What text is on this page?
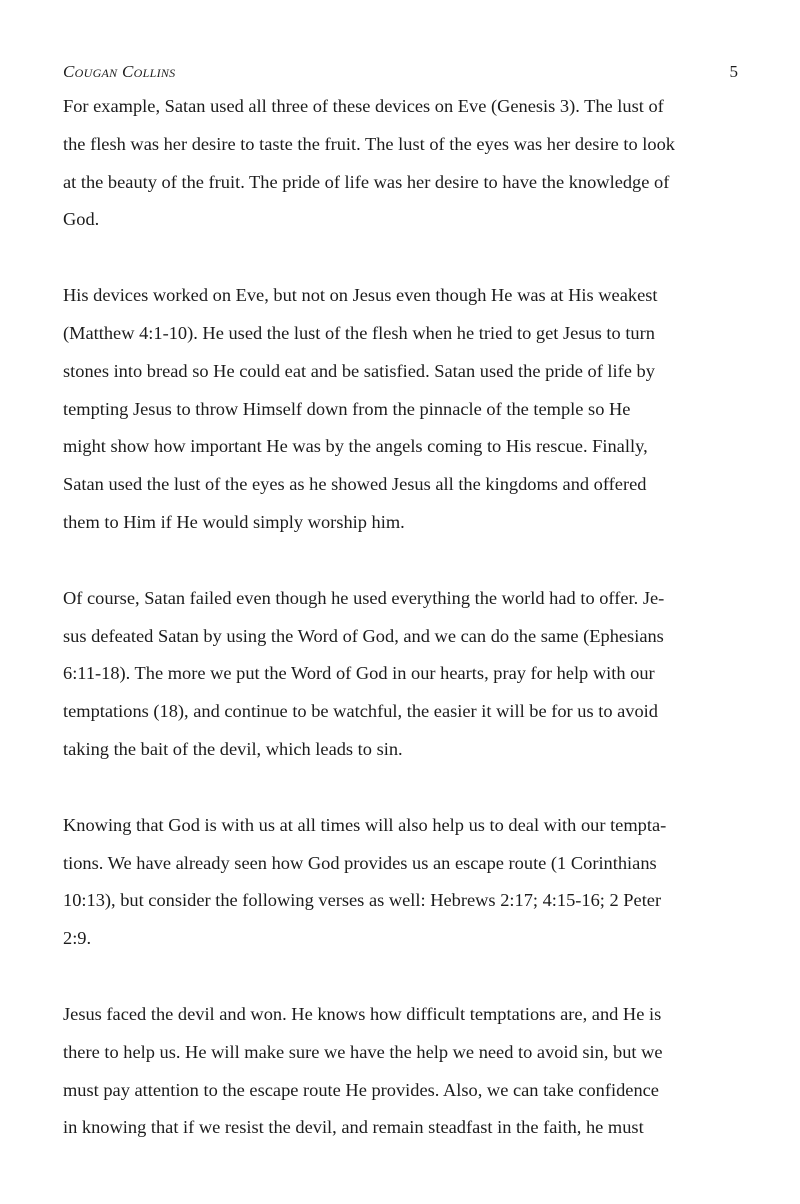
Cougan Collins	5

For example, Satan used all three of these devices on Eve (Genesis 3). The lust of
the flesh was her desire to taste the fruit. The lust of the eyes was her desire to look
at the beauty of the fruit. The pride of life was her desire to have the knowledge of
God.

His devices worked on Eve, but not on Jesus even though He was at His weakest
(Matthew 4:1-10). He used the lust of the flesh when he tried to get Jesus to turn
stones into bread so He could eat and be satisfied. Satan used the pride of life by
tempting Jesus to throw Himself down from the pinnacle of the temple so He
might show how important He was by the angels coming to His rescue. Finally,
Satan used the lust of the eyes as he showed Jesus all the kingdoms and offered
them to Him if He would simply worship him.

Of course, Satan failed even though he used everything the world had to offer. Je-
sus defeated Satan by using the Word of God, and we can do the same (Ephesians
6:11-18). The more we put the Word of God in our hearts, pray for help with our
temptations (18), and continue to be watchful, the easier it will be for us to avoid
taking the bait of the devil, which leads to sin.

Knowing that God is with us at all times will also help us to deal with our tempta-
tions. We have already seen how God provides us an escape route (1 Corinthians
10:13), but consider the following verses as well: Hebrews 2:17; 4:15-16; 2 Peter
2:9.

Jesus faced the devil and won. He knows how difficult temptations are, and He is
there to help us. He will make sure we have the help we need to avoid sin, but we
must pay attention to the escape route He provides. Also, we can take confidence
in knowing that if we resist the devil, and remain steadfast in the faith, he must
